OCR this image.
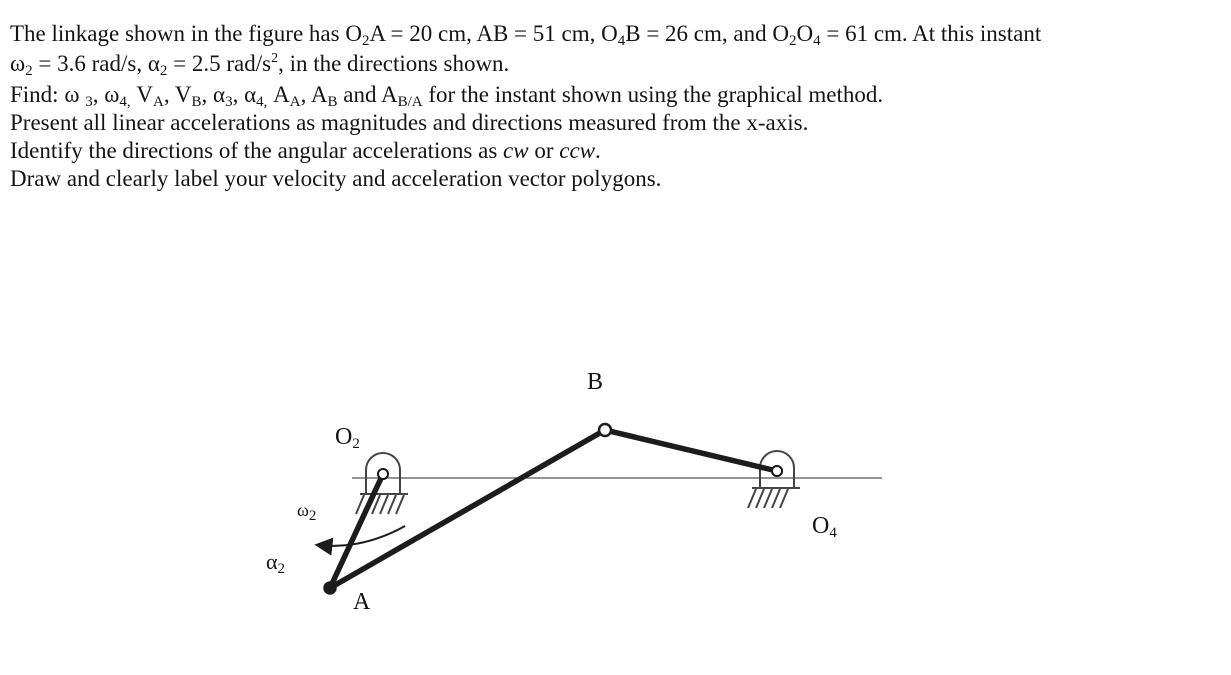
The linkage shown in the figure has $O_2A = 20$ cm, AB = 51 cm, $O_4B = 26$ cm, and $O_2O_4 = 61$ cm. At this instant
$\omega_2 = 3.6$ rad/s, $\alpha_2 = 2.5$ rad/$s^2$, in the directions shown.
Find: ω $_3$, $\omega_{4,}$ $V_A$, $V_B$, $\alpha_3$, $\alpha_{4,}$ $A_A$, $A_B$ and $A_{B/A}$ for the instant shown using the graphical method.
Present all linear accelerations as magnitudes and directions measured from the x-axis.
Identify the directions of the angular accelerations as cw or ccw.
Draw and clearly label your velocity and acceleration vector polygons.
B
$O_2$
$O_4$
A
$\omega_2$
$\alpha_2$
